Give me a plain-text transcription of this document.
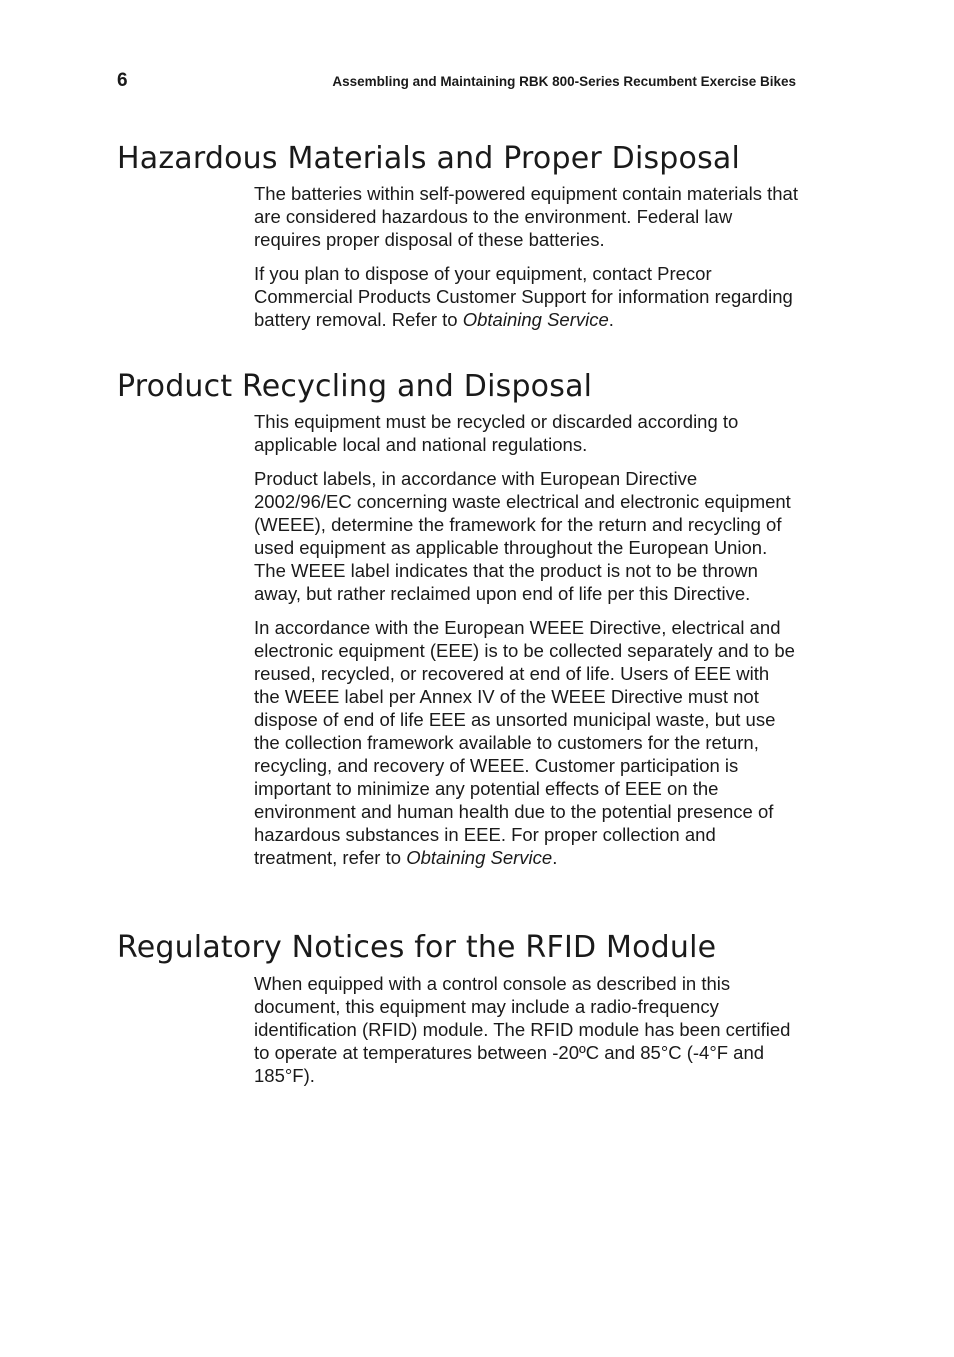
6	Assembling and Maintaining RBK 800-Series Recumbent Exercise Bikes
Hazardous Materials and Proper Disposal

The batteries within self-powered equipment contain materials that are considered hazardous to the environment. Federal law requires proper disposal of these batteries.

If you plan to dispose of your equipment, contact Precor Commercial Products Customer Support for information regarding battery removal. Refer to Obtaining Service.

Product Recycling and Disposal

This equipment must be recycled or discarded according to applicable local and national regulations.

Product labels, in accordance with European Directive 2002/96/EC concerning waste electrical and electronic equipment (WEEE), determine the framework for the return and recycling of used equipment as applicable throughout the European Union. The WEEE label indicates that the product is not to be thrown away, but rather reclaimed upon end of life per this Directive.

In accordance with the European WEEE Directive, electrical and electronic equipment (EEE) is to be collected separately and to be reused, recycled, or recovered at end of life. Users of EEE with the WEEE label per Annex IV of the WEEE Directive must not dispose of end of life EEE as unsorted municipal waste, but use the collection framework available to customers for the return, recycling, and recovery of WEEE. Customer participation is important to minimize any potential effects of EEE on the environment and human health due to the potential presence of hazardous substances in EEE. For proper collection and treatment, refer to Obtaining Service.

Regulatory Notices for the RFID Module

When equipped with a control console as described in this document, this equipment may include a radio-frequency identification (RFID) module. The RFID module has been certified to operate at temperatures between -20ºC and 85°C (-4°F and 185°F).
